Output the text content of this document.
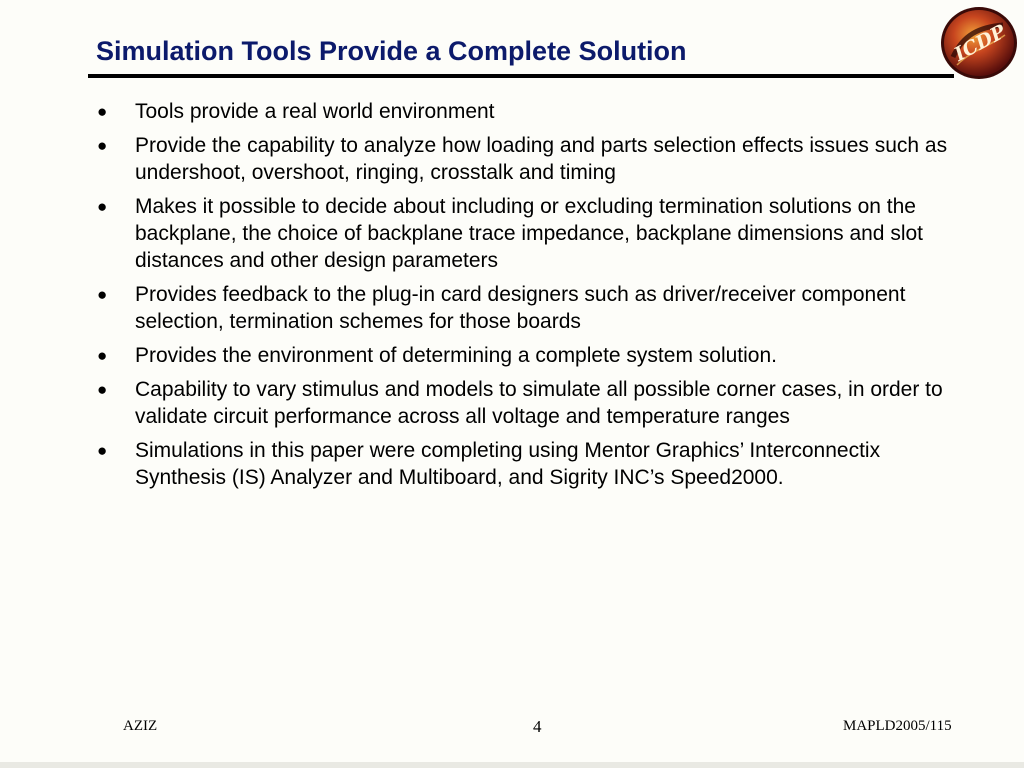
Simulation Tools Provide a Complete Solution	ICDP
● Tools provide a real world environment
● Provide the capability to analyze how loading and parts selection effects issues such as undershoot, overshoot, ringing, crosstalk and timing
● Makes it possible to decide about including or excluding termination solutions on the backplane, the choice of backplane trace impedance, backplane dimensions and slot distances and other design parameters
● Provides feedback to the plug-in card designers such as driver/receiver component selection, termination schemes for those boards
● Provides the environment of determining a complete system solution.
● Capability to vary stimulus and models to simulate all possible corner cases, in order to validate circuit performance across all voltage and temperature ranges
● Simulations in this paper were completing using Mentor Graphics’ Interconnectix Synthesis (IS) Analyzer and Multiboard, and Sigrity INC’s Speed2000.
AZIZ	4	MAPLD2005/115
